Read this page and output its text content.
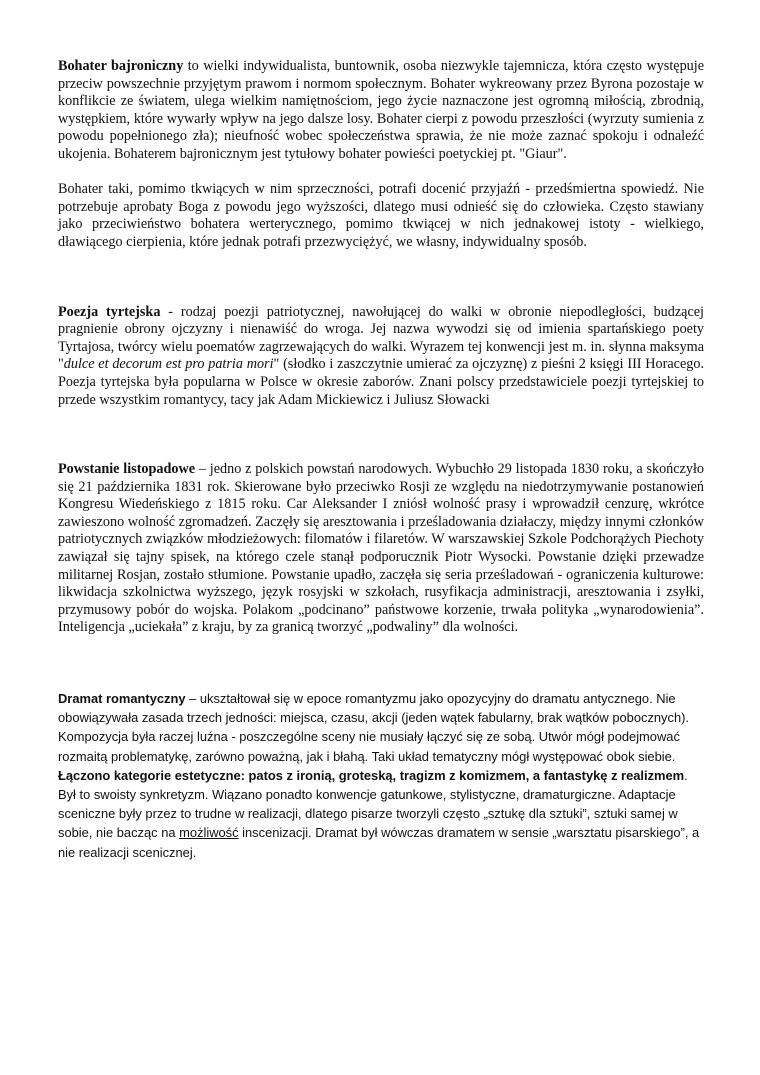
Bohater bajroniczny to wielki indywidualista, buntownik, osoba niezwykle tajemnicza, która często występuje przeciw powszechnie przyjętym prawom i normom społecznym. Bohater wykreowany przez Byrona pozostaje w konflikcie ze światem, ulega wielkim namiętnościom, jego życie naznaczone jest ogromną miłością, zbrodnią, występkiem, które wywarły wpływ na jego dalsze losy. Bohater cierpi z powodu przeszłości (wyrzuty sumienia z powodu popełnionego zła); nieufność wobec społeczeństwa sprawia, że nie może zaznać spokoju i odnaleźć ukojenia. Bohaterem bajronicznym jest tytułowy bohater powieści poetyckiej pt. "Giaur".

Bohater taki, pomimo tkwiących w nim sprzeczności, potrafi docenić przyjaźń - przedśmiertna spowiedź. Nie potrzebuje aprobaty Boga z powodu jego wyższości, dlatego musi odnieść się do człowieka. Często stawiany jako przeciwieństwo bohatera werterycznego, pomimo tkwiącej w nich jednakowej istoty - wielkiego, dławiącego cierpienia, które jednak potrafi przezwyciężyć, we własny, indywidualny sposób.

Poezja tyrtejska - rodzaj poezji patriotycznej, nawołującej do walki w obronie niepodległości, budzącej pragnienie obrony ojczyzny i nienawiść do wroga. Jej nazwa wywodzi się od imienia spartańskiego poety Tyrtajosa, twórcy wielu poematów zagrzewających do walki. Wyrazem tej konwencji jest m. in. słynna maksyma "dulce et decorum est pro patria mori" (słodko i zaszczytnie umierać za ojczyznę) z pieśni 2 księgi III Horacego. Poezja tyrtejska była popularna w Polsce w okresie zaborów. Znani polscy przedstawiciele poezji tyrtejskiej to przede wszystkim romantycy, tacy jak Adam Mickiewicz i Juliusz Słowacki

Powstanie listopadowe – jedno z polskich powstań narodowych. Wybuchło 29 listopada 1830 roku, a skończyło się 21 października 1831 rok. Skierowane było przeciwko Rosji ze względu na niedotrzymywanie postanowień Kongresu Wiedeńskiego z 1815 roku. Car Aleksander I zniósł wolność prasy i wprowadził cenzurę, wkrótce zawieszono wolność zgromadzeń. Zaczęły się aresztowania i prześladowania działaczy, między innymi członków patriotycznych związków młodzieżowych: filomatów i filaretów. W warszawskiej Szkole Podchorążych Piechoty zawiązał się tajny spisek, na którego czele stanął podporucznik Piotr Wysocki. Powstanie dzięki przewadze militarnej Rosjan, zostało stłumione. Powstanie upadło, zaczęła się seria prześladowań - ograniczenia kulturowe: likwidacja szkolnictwa wyższego, język rosyjski w szkołach, rusyfikacja administracji, aresztowania i zsyłki, przymusowy pobór do wojska. Polakom „podcinano” państwowe korzenie, trwała polityka „wynarodowienia”. Inteligencja „uciekała” z kraju, by za granicą tworzyć „podwaliny” dla wolności.

Dramat romantyczny – ukształtował się w epoce romantyzmu jako opozycyjny do dramatu antycznego. Nie obowiązywała zasada trzech jedności: miejsca, czasu, akcji (jeden wątek fabularny, brak wątków pobocznych). Kompozycja była raczej luźna - poszczególne sceny nie musiały łączyć się ze sobą. Utwór mógł podejmować rozmaitą problematykę, zarówno poważną, jak i błahą. Taki układ tematyczny mógł występować obok siebie. Łączono kategorie estetyczne: patos z ironią, groteską, tragizm z komizmem, a fantastykę z realizmem. Był to swoisty synkretyzm. Wiązano ponadto konwencje gatunkowe, stylistyczne, dramaturgiczne. Adaptacje sceniczne były przez to trudne w realizacji, dlatego pisarze tworzyli często „sztukę dla sztuki”, sztuki samej w sobie, nie bacząc na możliwość inscenizacji. Dramat był wówczas dramatem w sensie „warsztatu pisarskiego”, a nie realizacji scenicznej.
